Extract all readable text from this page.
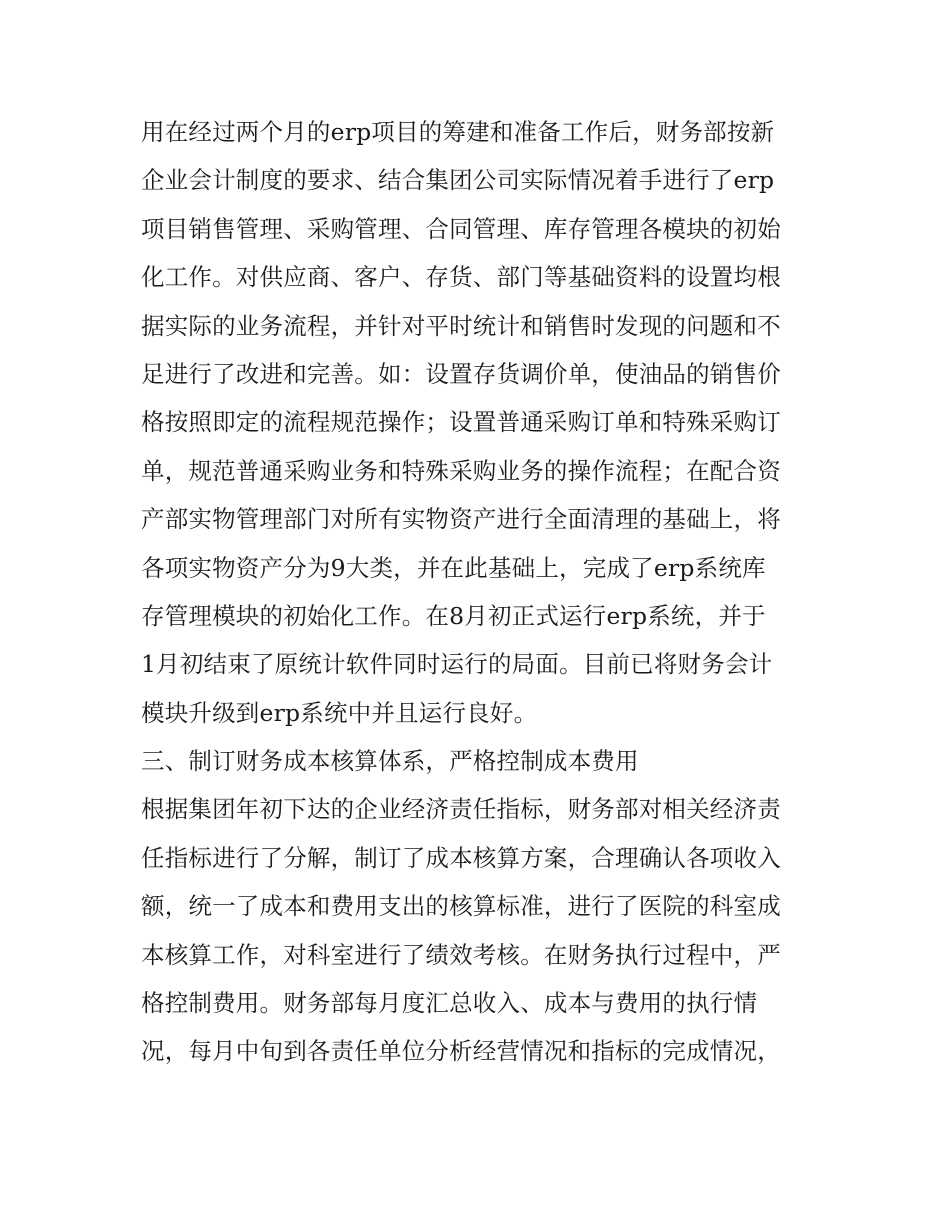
用在经过两个月的erp项目的筹建和准备工作后，财务部按新
企业会计制度的要求、结合集团公司实际情况着手进行了erp
项目销售管理、采购管理、合同管理、库存管理各模块的初始
化工作。对供应商、客户、存货、部门等基础资料的设置均根
据实际的业务流程，并针对平时统计和销售时发现的问题和不
足进行了改进和完善。如：设置存货调价单，使油品的销售价
格按照即定的流程规范操作；设置普通采购订单和特殊采购订
单，规范普通采购业务和特殊采购业务的操作流程；在配合资
产部实物管理部门对所有实物资产进行全面清理的基础上，将
各项实物资产分为9大类，并在此基础上，完成了erp系统库
存管理模块的初始化工作。在8月初正式运行erp系统，并于
1月初结束了原统计软件同时运行的局面。目前已将财务会计
模块升级到erp系统中并且运行良好。
三、制订财务成本核算体系，严格控制成本费用
根据集团年初下达的企业经济责任指标，财务部对相关经济责
任指标进行了分解，制订了成本核算方案，合理确认各项收入
额，统一了成本和费用支出的核算标准，进行了医院的科室成
本核算工作，对科室进行了绩效考核。在财务执行过程中，严
格控制费用。财务部每月度汇总收入、成本与费用的执行情
况，每月中旬到各责任单位分析经营情况和指标的完成情况，
